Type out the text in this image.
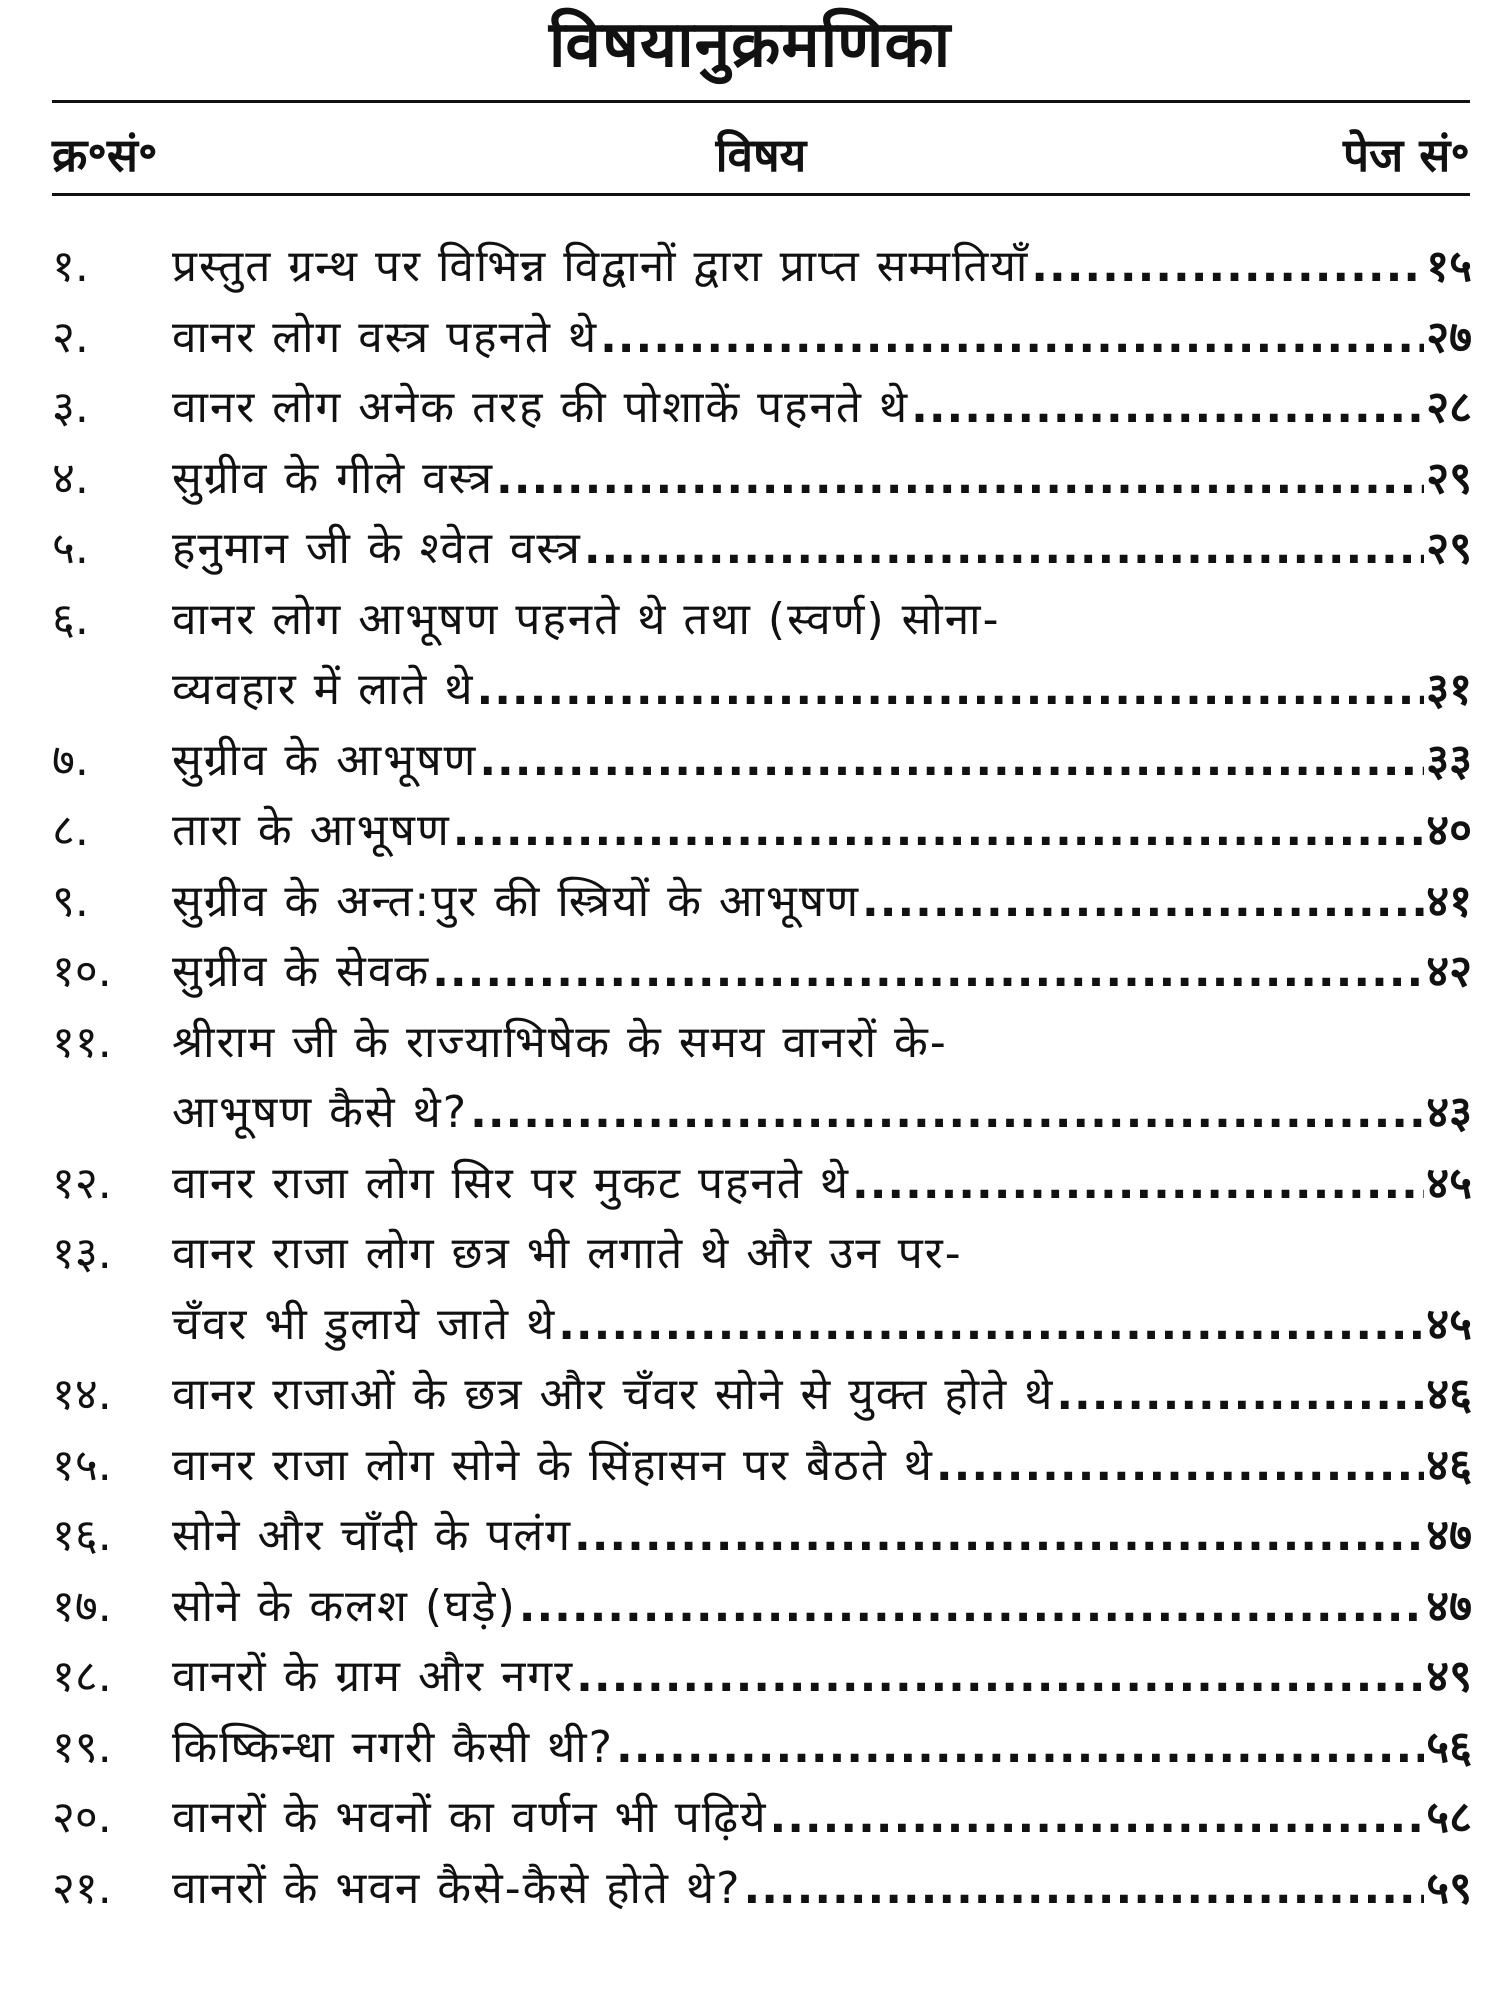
विषयानुक्रमणिका
क्र॰सं॰	विषय	पेज सं॰
१.	प्रस्तुत ग्रन्थ पर विभिन्न विद्वानों द्वारा प्राप्त सम्मतियाँ .....	१५
२.	वानर लोग वस्त्र पहनते थे .....	२७
३.	वानर लोग अनेक तरह की पोशाकें पहनते थे .....	२८
४.	सुग्रीव के गीले वस्त्र .....	२९
५.	हनुमान जी के श्वेत वस्त्र .....	२९
६.	वानर लोग आभूषण पहनते थे तथा (स्वर्ण) सोना-
व्यवहार में लाते थे .....	३१
७.	सुग्रीव के आभूषण .....	३३
८.	तारा के आभूषण .....	४०
९.	सुग्रीव के अन्त:पुर की स्त्रियों के आभूषण .....	४१
१०.	सुग्रीव के सेवक .....	४२
११.	श्रीराम जी के राज्याभिषेक के समय वानरों के-
आभूषण कैसे थे? .....	४३
१२.	वानर राजा लोग सिर पर मुकट पहनते थे .....	४५
१३.	वानर राजा लोग छत्र भी लगाते थे और उन पर-
चँवर भी डुलाये जाते थे .....	४५
१४.	वानर राजाओं के छत्र और चँवर सोने से युक्त होते थे .....	४६
१५.	वानर राजा लोग सोने के सिंहासन पर बैठते थे .....	४६
१६.	सोने और चाँदी के पलंग .....	४७
१७.	सोने के कलश (घड़े) .....	४७
१८.	वानरों के ग्राम और नगर .....	४९
१९.	किष्किन्धा नगरी कैसी थी? .....	५६
२०.	वानरों के भवनों का वर्णन भी पढ़िये .....	५८
२१.	वानरों के भवन कैसे-कैसे होते थे? .....	५९
